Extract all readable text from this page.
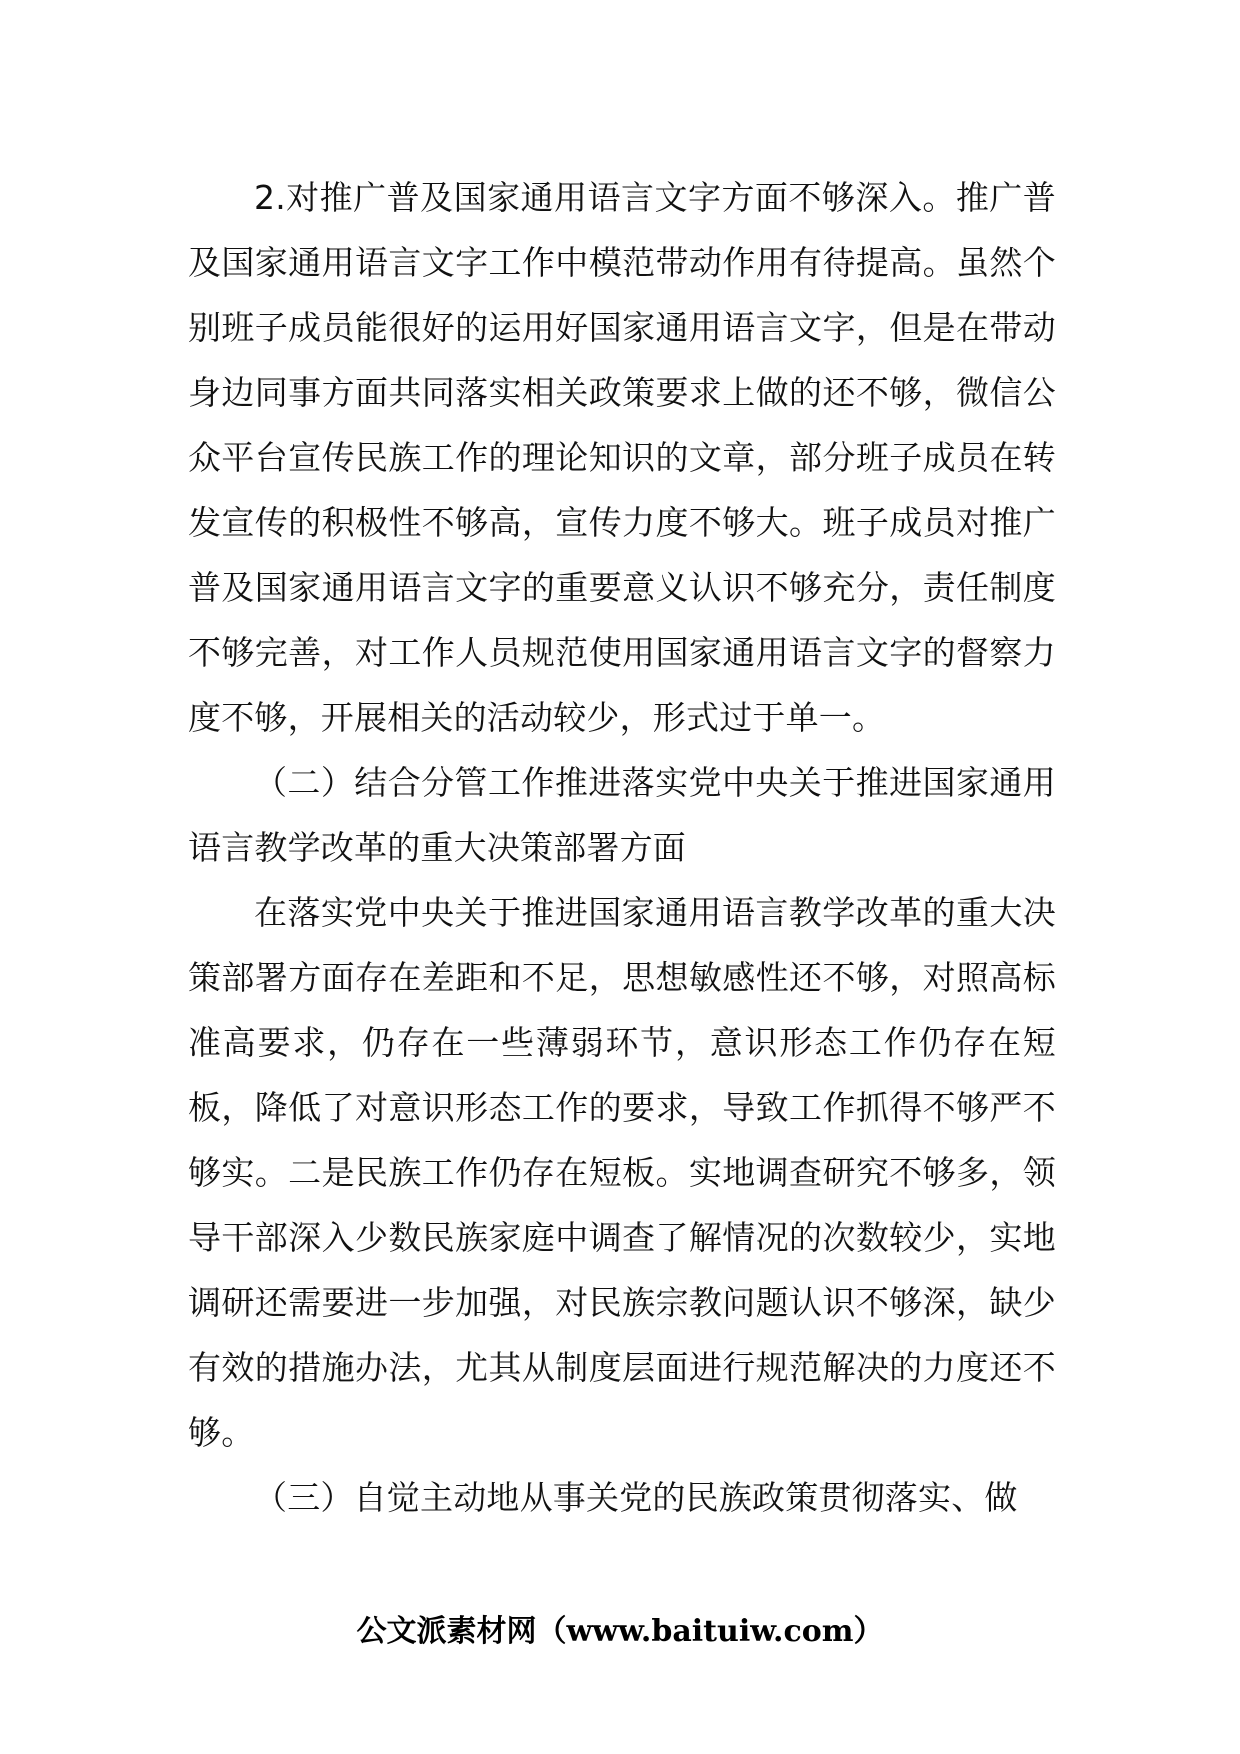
2.对推广普及国家通用语言文字方面不够深入。推广普及国家通用语言文字工作中模范带动作用有待提高。虽然个别班子成员能很好的运用好国家通用语言文字，但是在带动身边同事方面共同落实相关政策要求上做的还不够，微信公众平台宣传民族工作的理论知识的文章，部分班子成员在转发宣传的积极性不够高，宣传力度不够大。班子成员对推广普及国家通用语言文字的重要意义认识不够充分，责任制度不够完善，对工作人员规范使用国家通用语言文字的督察力度不够，开展相关的活动较少，形式过于单一。

（二）结合分管工作推进落实党中央关于推进国家通用语言教学改革的重大决策部署方面

在落实党中央关于推进国家通用语言教学改革的重大决策部署方面存在差距和不足，思想敏感性还不够，对照高标准高要求，仍存在一些薄弱环节，意识形态工作仍存在短板，降低了对意识形态工作的要求，导致工作抓得不够严不够实。二是民族工作仍存在短板。实地调查研究不够多，领导干部深入少数民族家庭中调查了解情况的次数较少，实地调研还需要进一步加强，对民族宗教问题认识不够深，缺少有效的措施办法，尤其从制度层面进行规范解决的力度还不够。

（三）自觉主动地从事关党的民族政策贯彻落实、做

公文派素材网（www.baituiw.com）
